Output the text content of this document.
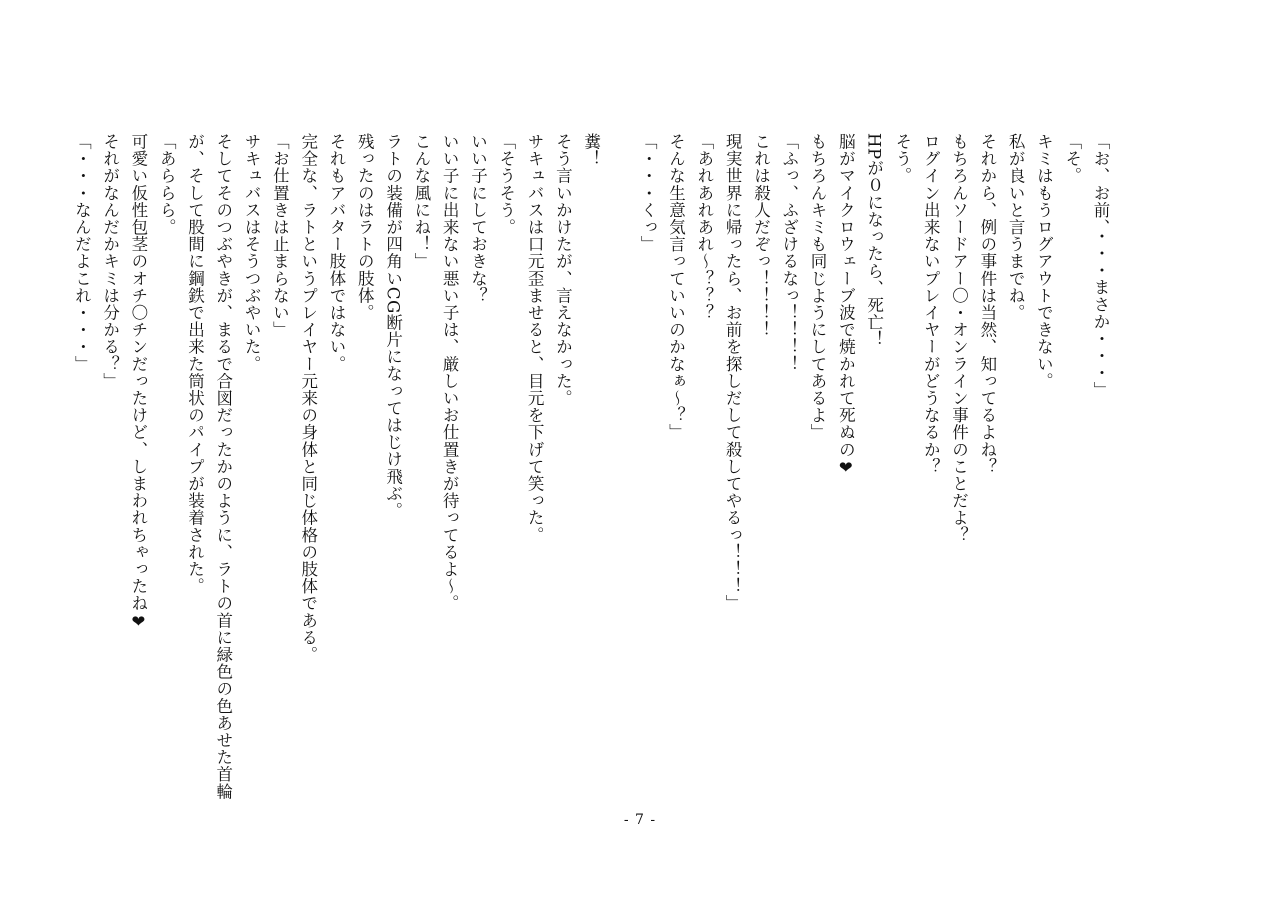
「お、お前、・・・まさか・・・」
「そ。
キミはもうログアウトできない。
私が良いと言うまでね。
それから、例の事件は当然、知ってるよね？
もちろんソードアー〇・オンライン事件のことだよ？
ログイン出来ないプレイヤーがどうなるか？
そう。
HPが０になったら、死亡！
脳がマイクロウェーブ波で焼かれて死ぬの❤
もちろんキミも同じようにしてあるよ」
「ふっ、ふざけるなっ！！！！
これは殺人だぞっ！！！！
現実世界に帰ったら、お前を探しだして殺してやるっ！！！」
「あれあれあれ～？？？
そんな生意気言っていいのかなぁ～？」
「・・・くっ」
糞！
そう言いかけたが、言えなかった。
サキュバスは口元歪ませると、目元を下げて笑った。
「そうそう。
いい子にしておきな？
いい子に出来ない悪い子は、厳しいお仕置きが待ってるよ～。
こんな風にね！」
ラトの装備が四角いCG断片になってはじけ飛ぶ。
残ったのはラトの肢体。
それもアバター肢体ではない。
完全な、ラトというプレイヤー元来の身体と同じ体格の肢体である。
「お仕置きは止まらない」
サキュバスはそうつぶやいた。
そしてそのつぶやきが、まるで合図だったかのように、ラトの首に緑色の色あせた首輪
が、そして股間に鋼鉄で出来た筒状のパイプが装着された。
「あららら。
可愛い仮性包茎のオチ〇チンだったけど、しまわれちゃったね❤
それがなんだかキミは分かる？」
「・・・なんだよこれ・・・」
- 7 -
